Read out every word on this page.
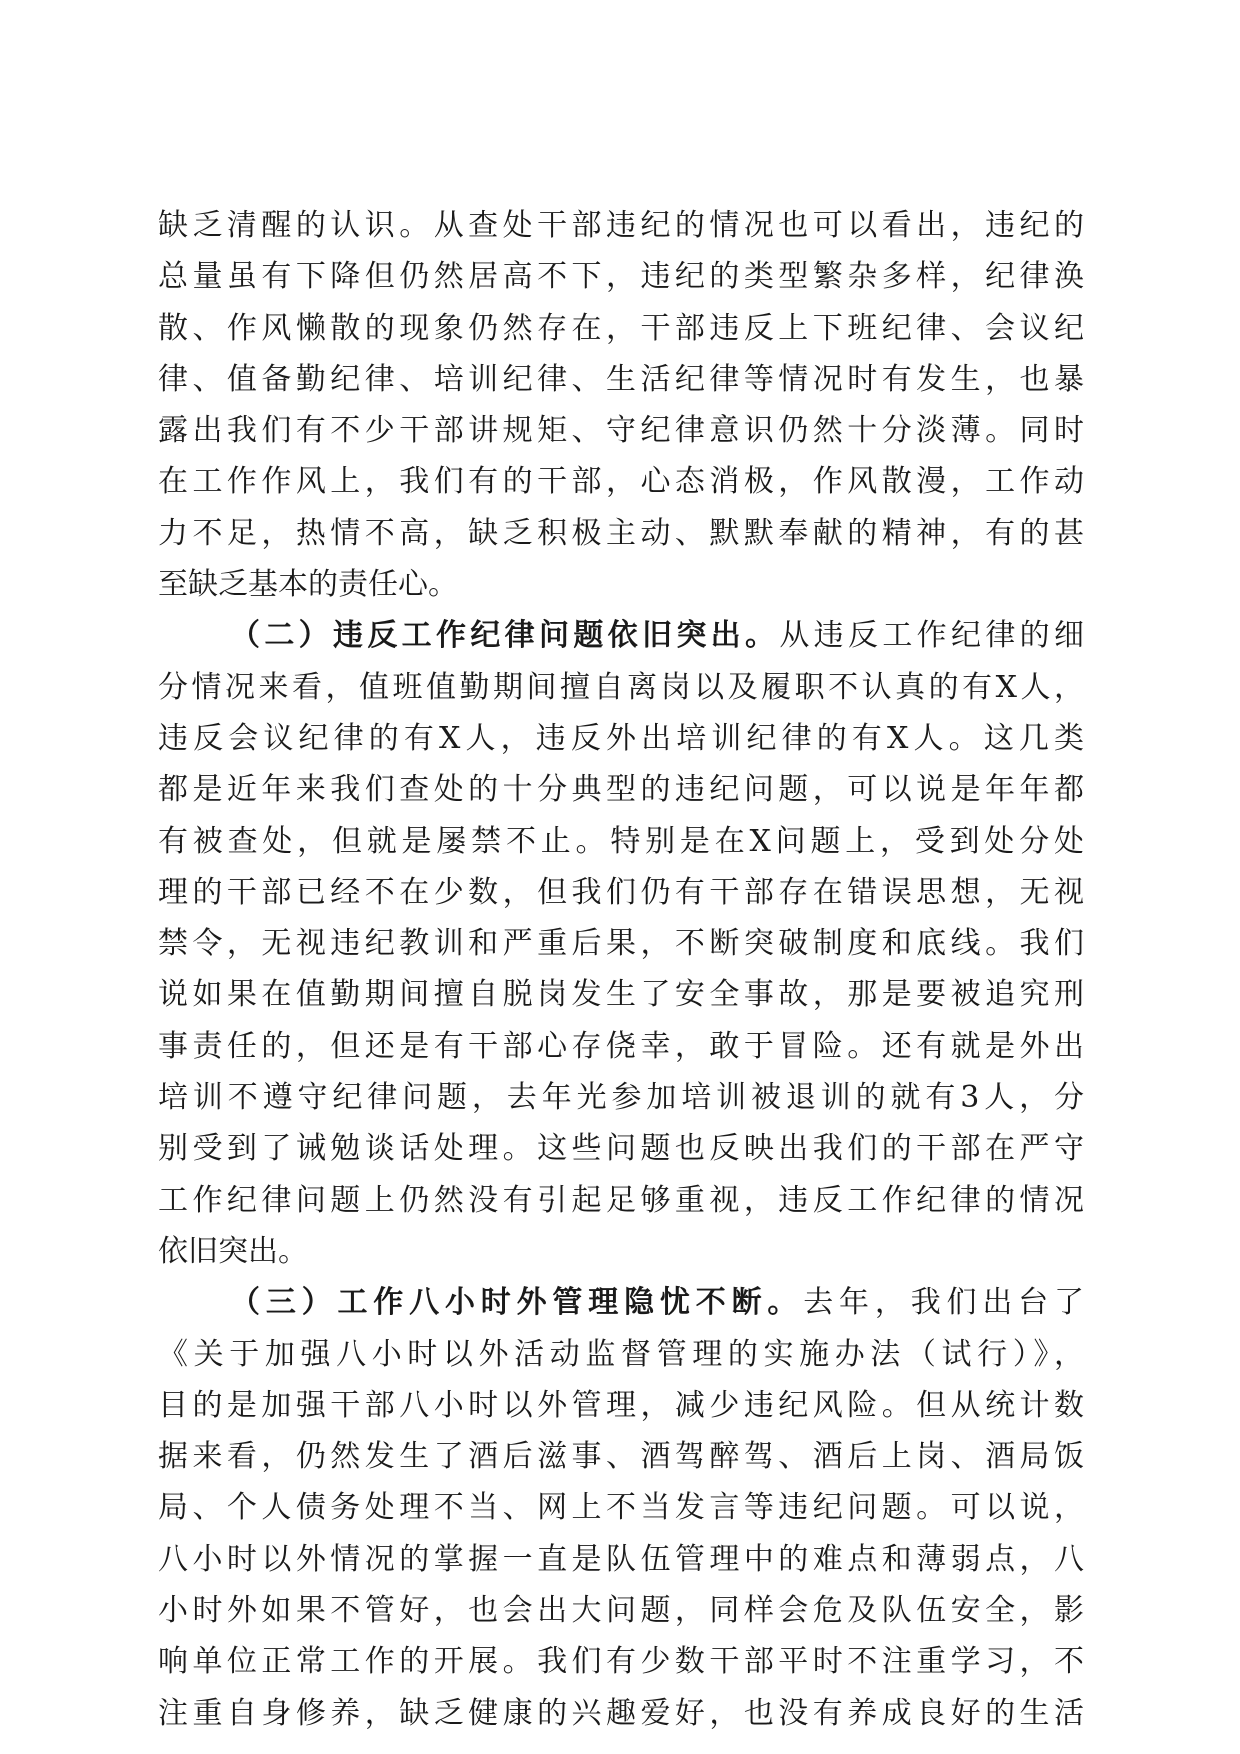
缺乏清醒的认识。从查处干部违纪的情况也可以看出，违纪的
总量虽有下降但仍然居高不下，违纪的类型繁杂多样，纪律涣
散、作风懒散的现象仍然存在，干部违反上下班纪律、会议纪
律、值备勤纪律、培训纪律、生活纪律等情况时有发生，也暴
露出我们有不少干部讲规矩、守纪律意识仍然十分淡薄。同时
在工作作风上，我们有的干部，心态消极，作风散漫，工作动
力不足，热情不高，缺乏积极主动、默默奉献的精神，有的甚
至缺乏基本的责任心。
（二）违反工作纪律问题依旧突出。从违反工作纪律的细
分情况来看，值班值勤期间擅自离岗以及履职不认真的有X人，
违反会议纪律的有X人，违反外出培训纪律的有X人。这几类
都是近年来我们查处的十分典型的违纪问题，可以说是年年都
有被查处，但就是屡禁不止。特别是在X问题上，受到处分处
理的干部已经不在少数，但我们仍有干部存在错误思想，无视
禁令，无视违纪教训和严重后果，不断突破制度和底线。我们
说如果在值勤期间擅自脱岗发生了安全事故，那是要被追究刑
事责任的，但还是有干部心存侥幸，敢于冒险。还有就是外出
培训不遵守纪律问题，去年光参加培训被退训的就有3人，分
别受到了诫勉谈话处理。这些问题也反映出我们的干部在严守
工作纪律问题上仍然没有引起足够重视，违反工作纪律的情况
依旧突出。
（三）工作八小时外管理隐忧不断。去年，我们出台了
《关于加强八小时以外活动监督管理的实施办法（试行）》，
目的是加强干部八小时以外管理，减少违纪风险。但从统计数
据来看，仍然发生了酒后滋事、酒驾醉驾、酒后上岗、酒局饭
局、个人债务处理不当、网上不当发言等违纪问题。可以说，
八小时以外情况的掌握一直是队伍管理中的难点和薄弱点，八
小时外如果不管好，也会出大问题，同样会危及队伍安全，影
响单位正常工作的开展。我们有少数干部平时不注重学习，不
注重自身修养，缺乏健康的兴趣爱好，也没有养成良好的生活
